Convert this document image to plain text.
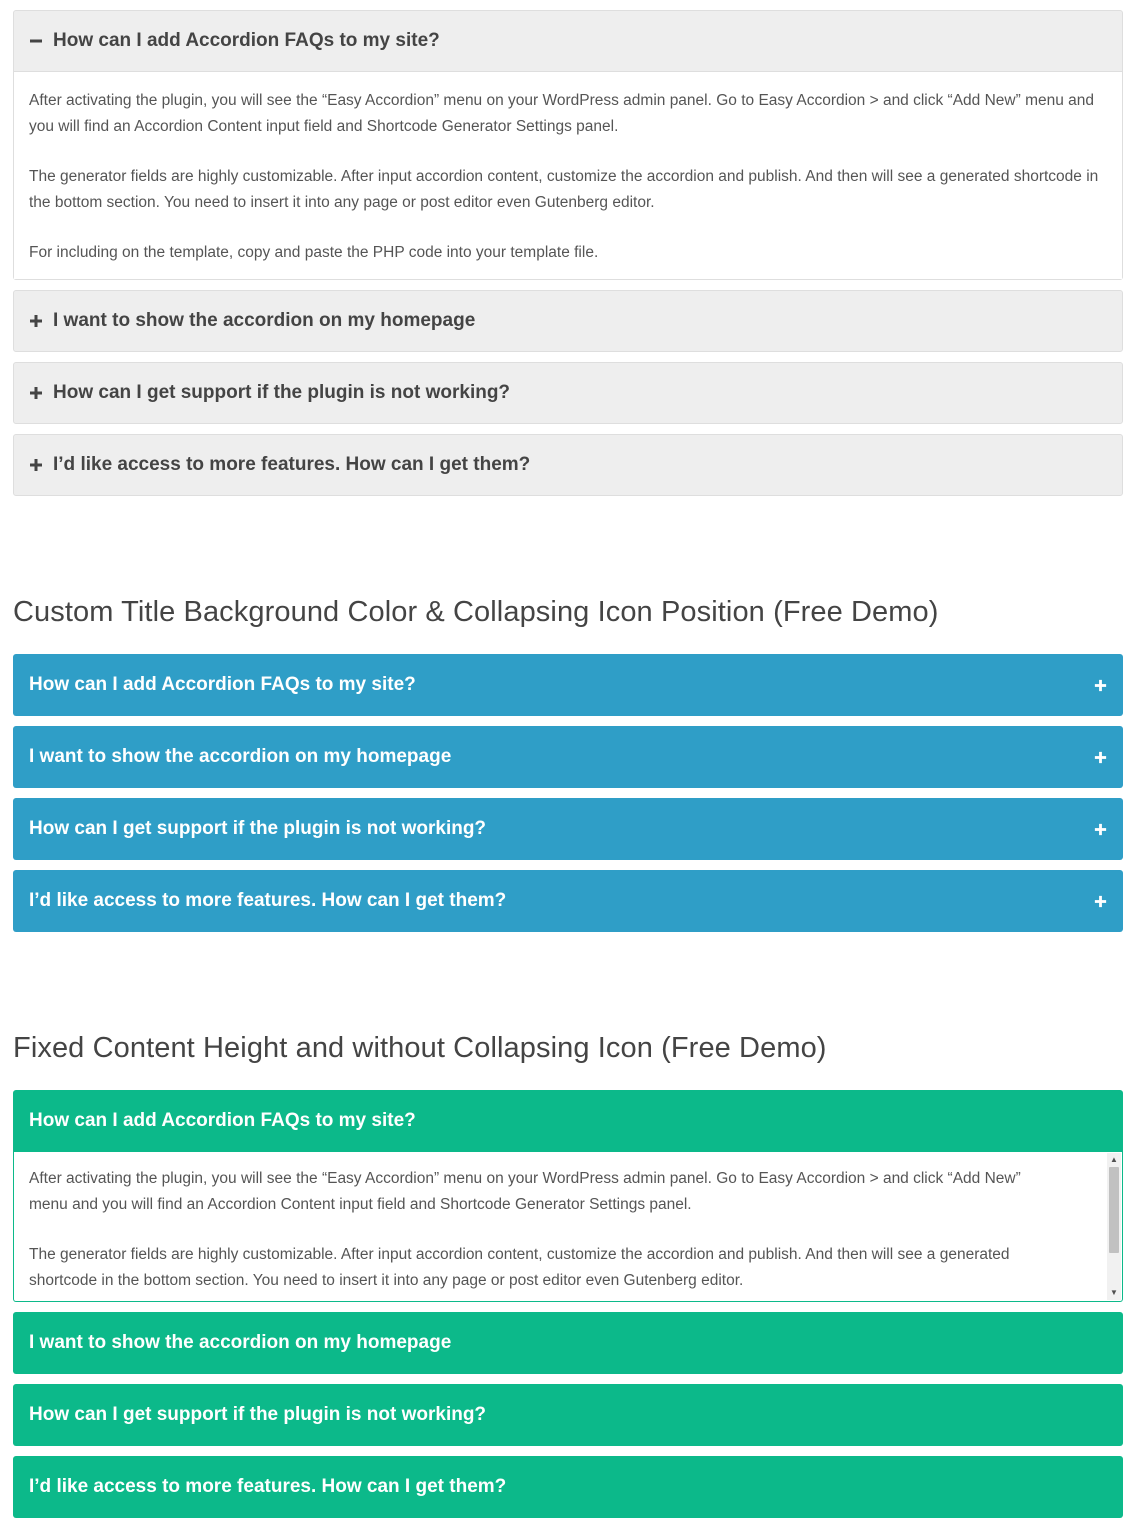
How can I add Accordion FAQs to my site?

After activating the plugin, you will see the “Easy Accordion” menu on your WordPress admin panel. Go to Easy Accordion > and click “Add New” menu and you will find an Accordion Content input field and Shortcode Generator Settings panel.

The generator fields are highly customizable. After input accordion content, customize the accordion and publish. And then will see a generated shortcode in the bottom section. You need to insert it into any page or post editor even Gutenberg editor.

For including on the template, copy and paste the PHP code into your template file.

I want to show the accordion on my homepage
How can I get support if the plugin is not working?
I’d like access to more features. How can I get them?
Custom Title Background Color & Collapsing Icon Position (Free Demo)
How can I add Accordion FAQs to my site?
I want to show the accordion on my homepage
How can I get support if the plugin is not working?
I’d like access to more features. How can I get them?
Fixed Content Height and without Collapsing Icon (Free Demo)
How can I add Accordion FAQs to my site?

After activating the plugin, you will see the “Easy Accordion” menu on your WordPress admin panel. Go to Easy Accordion > and click “Add New” menu and you will find an Accordion Content input field and Shortcode Generator Settings panel.

The generator fields are highly customizable. After input accordion content, customize the accordion and publish. And then will see a generated shortcode in the bottom section. You need to insert it into any page or post editor even Gutenberg editor.

▲
▼
I want to show the accordion on my homepage
How can I get support if the plugin is not working?
I’d like access to more features. How can I get them?
